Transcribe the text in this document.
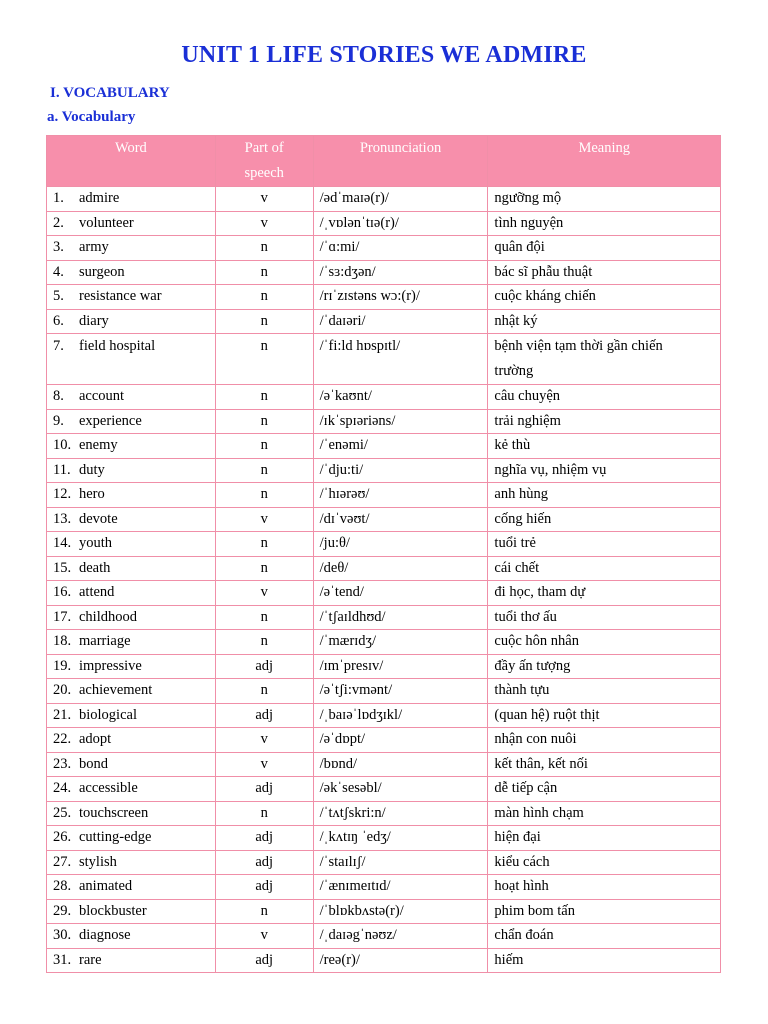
UNIT 1 LIFE STORIES WE ADMIRE
I. VOCABULARY
a. Vocabulary
Word	Part of
speech	Pronunciation	Meaning
1. admire	v	/ədˈmaɪə(r)/	ngưỡng mộ
2. volunteer	v	/ˌvɒlənˈtɪə(r)/	tình nguyện
3. army	n	/ˈɑ:mi/	quân đội
4. surgeon	n	/ˈsɜ:dʒən/	bác sĩ phẫu thuật
5. resistance war	n	/rɪˈzɪstəns wɔ:(r)/	cuộc kháng chiến
6. diary	n	/ˈdaɪəri/	nhật ký
7. field hospital	n	/ˈfi:ld hɒspɪtl/	bệnh viện tạm thời gần chiến
trường
8. account	n	/əˈkaʊnt/	câu chuyện
9. experience	n	/ɪkˈspɪəriəns/	trải nghiệm
10. enemy	n	/ˈenəmi/	kẻ thù
11. duty	n	/ˈdju:ti/	nghĩa vụ, nhiệm vụ
12. hero	n	/ˈhɪərəʊ/	anh hùng
13. devote	v	/dɪˈvəʊt/	cống hiến
14. youth	n	/ju:θ/	tuổi trẻ
15. death	n	/deθ/	cái chết
16. attend	v	/əˈtend/	đi học, tham dự
17. childhood	n	/ˈtʃaɪldhʊd/	tuổi thơ ấu
18. marriage	n	/ˈmærɪdʒ/	cuộc hôn nhân
19. impressive	adj	/ɪmˈpresɪv/	đầy ấn tượng
20. achievement	n	/əˈtʃi:vmənt/	thành tựu
21. biological	adj	/ˌbaɪəˈlɒdʒɪkl/	(quan hệ) ruột thịt
22. adopt	v	/əˈdɒpt/	nhận con nuôi
23. bond	v	/bɒnd/	kết thân, kết nối
24. accessible	adj	/əkˈsesəbl/	dễ tiếp cận
25. touchscreen	n	/ˈtʌtʃskri:n/	màn hình chạm
26. cutting-edge	adj	/ˌkʌtɪŋ ˈedʒ/	hiện đại
27. stylish	adj	/ˈstaɪlɪʃ/	kiểu cách
28. animated	adj	/ˈænɪmeɪtɪd/	hoạt hình
29. blockbuster	n	/ˈblɒkbʌstə(r)/	phim bom tấn
30. diagnose	v	/ˌdaɪəgˈnəʊz/	chẩn đoán
31. rare	adj	/reə(r)/	hiếm
